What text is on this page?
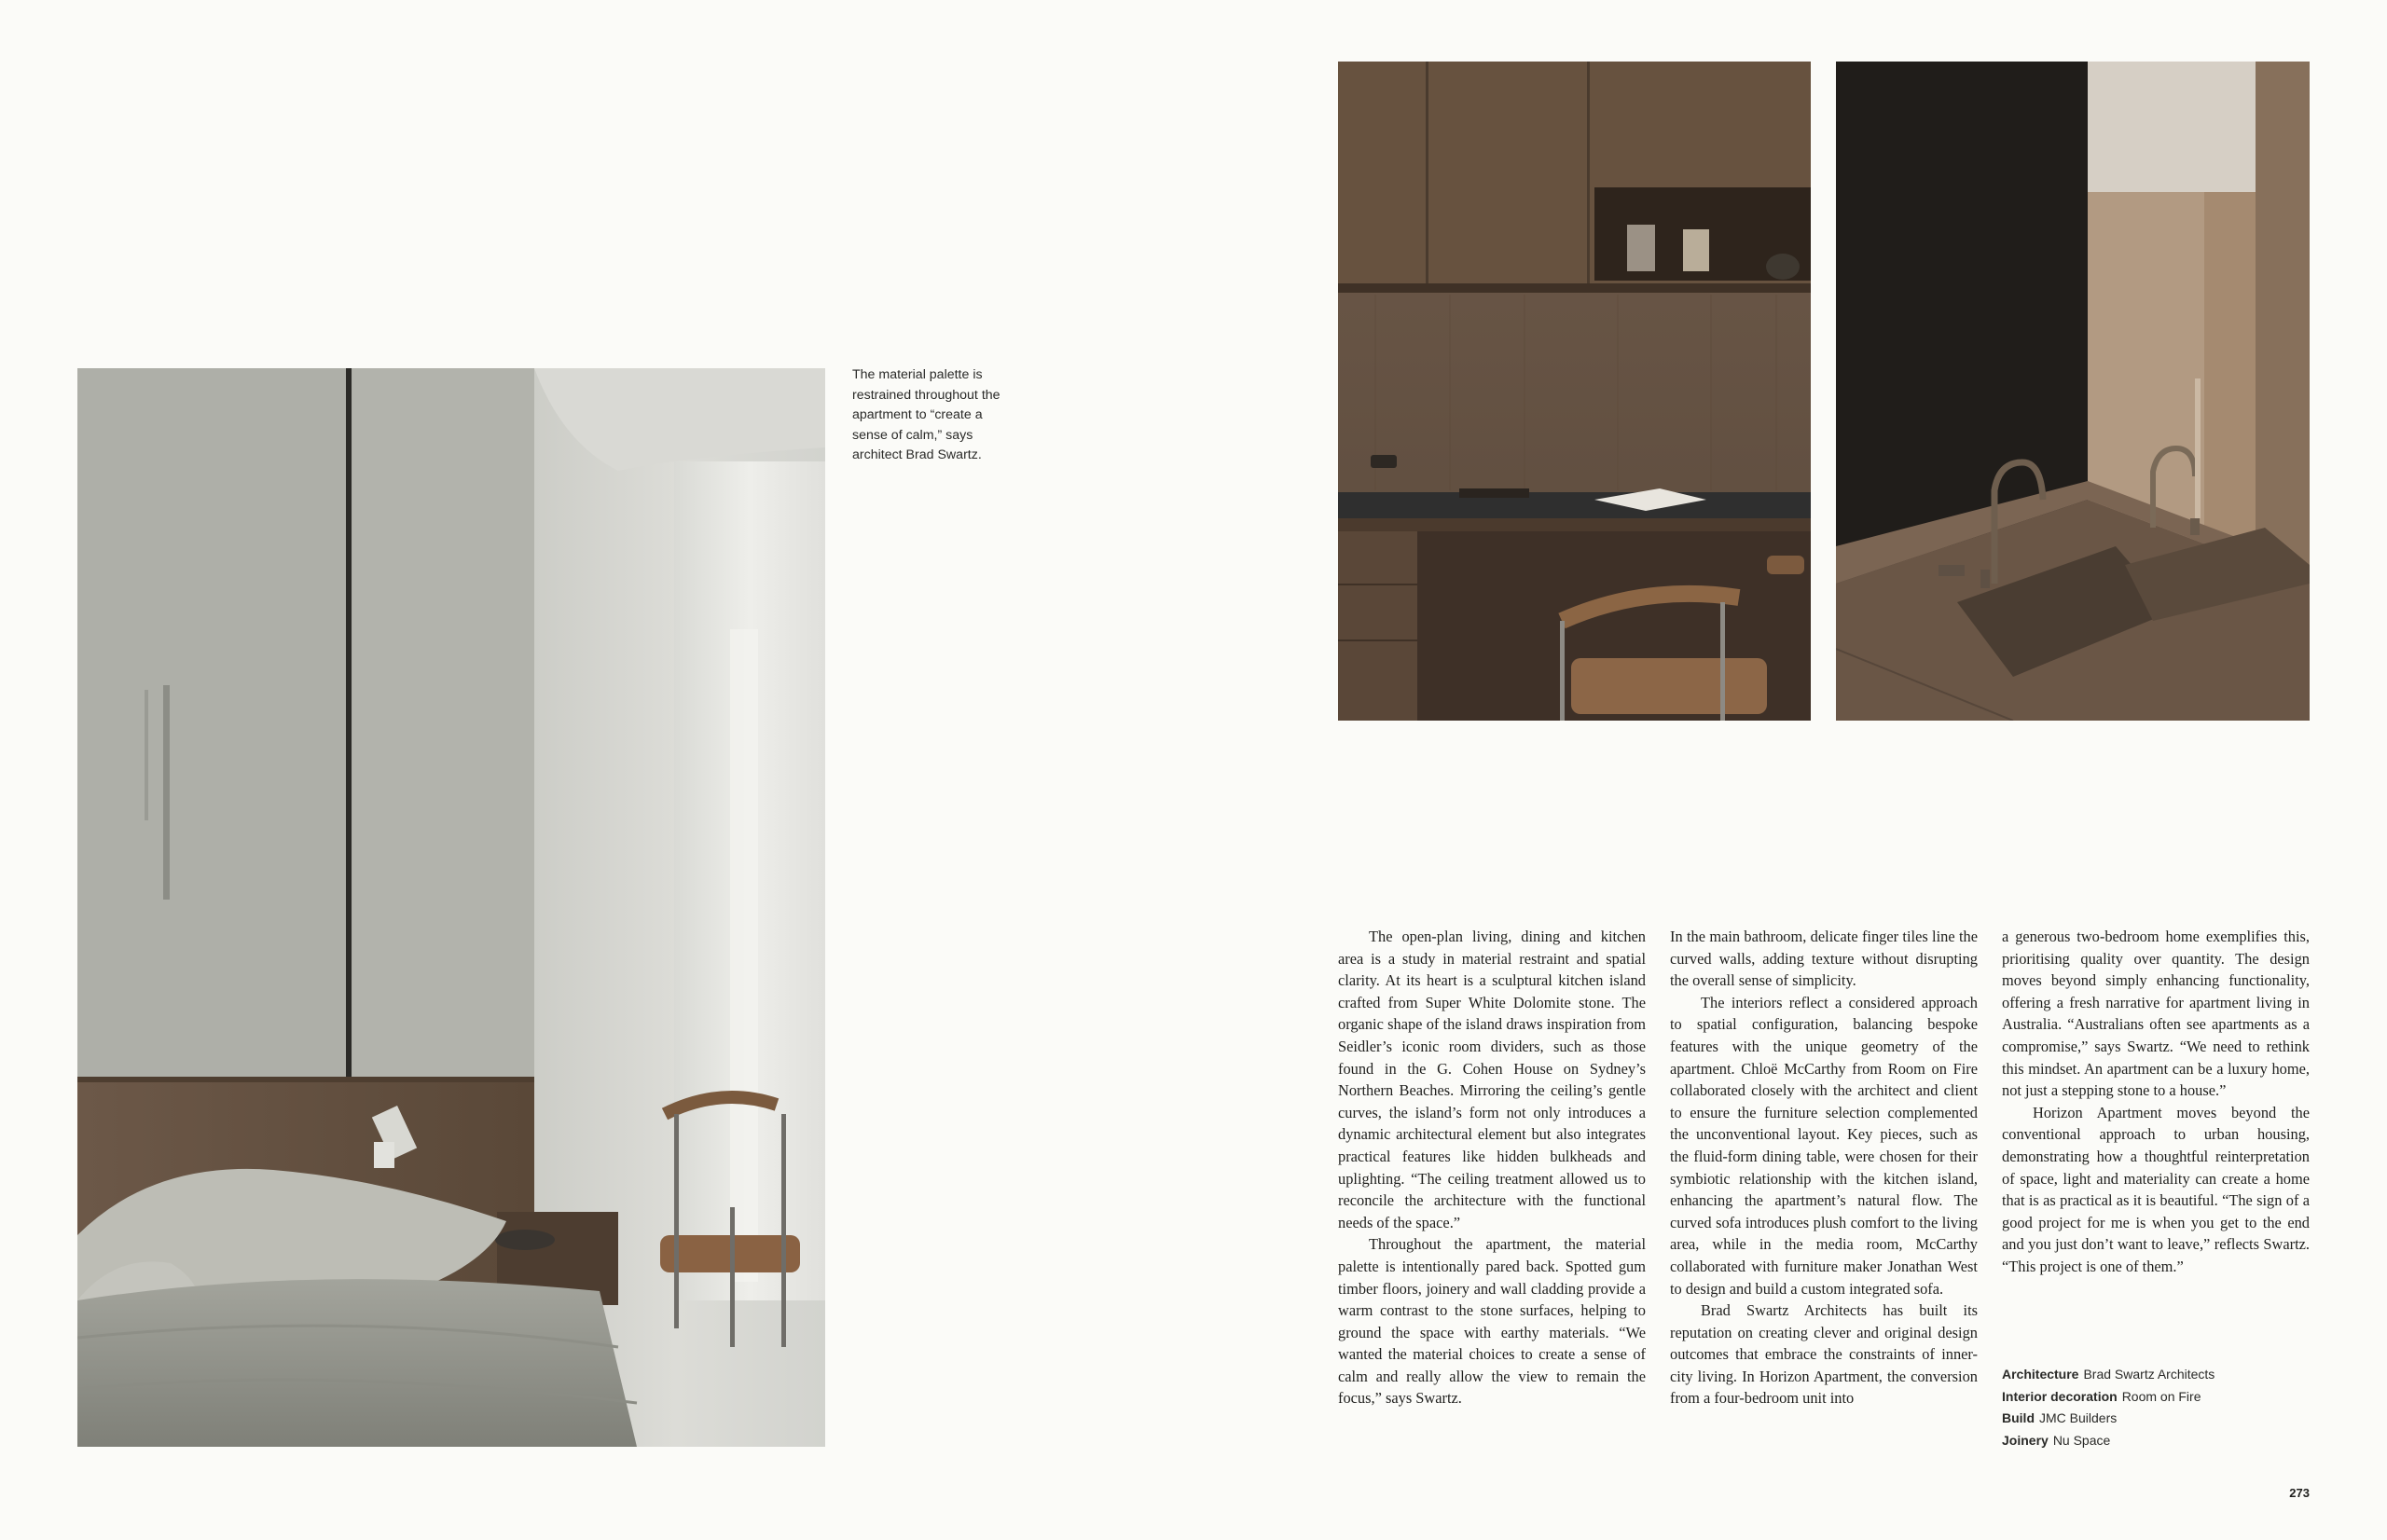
The material palette is restrained throughout the apartment to “create a sense of calm,” says architect Brad Swartz.

The open-plan living, dining and kitchen area is a study in material restraint and spatial clarity. At its heart is a sculptural kitchen island crafted from Super White Dolomite stone. The organic shape of the island draws inspiration from Seidler’s iconic room dividers, such as those found in the G. Cohen House on Sydney’s Northern Beaches. Mirroring the ceiling’s gentle curves, the island’s form not only introduces a dynamic architectural element but also integrates practical features like hidden bulkheads and uplighting. “The ceiling treatment allowed us to reconcile the architecture with the functional needs of the space.”

Throughout the apartment, the material palette is intentionally pared back. Spotted gum timber floors, joinery and wall cladding provide a warm contrast to the stone surfaces, helping to ground the space with earthy materials. “We wanted the material choices to create a sense of calm and really allow the view to remain the focus,” says Swartz.

In the main bathroom, delicate finger tiles line the curved walls, adding texture without disrupting the overall sense of simplicity.

The interiors reflect a considered approach to spatial configuration, balancing bespoke features with the unique geometry of the apartment. Chloë McCarthy from Room on Fire collaborated closely with the architect and client to ensure the furniture selection complemented the unconventional layout. Key pieces, such as the fluid-form dining table, were chosen for their symbiotic relationship with the kitchen island, enhancing the apartment’s natural flow. The curved sofa introduces plush comfort to the living area, while in the media room, McCarthy collaborated with furniture maker Jonathan West to design and build a custom integrated sofa.

Brad Swartz Architects has built its reputation on creating clever and original design outcomes that embrace the constraints of inner-city living. In Horizon Apartment, the conversion from a four-bedroom unit into

a generous two-bedroom home exemplifies this, prioritising quality over quantity. The design moves beyond simply enhancing functionality, offering a fresh narrative for apartment living in Australia. “Australians often see apartments as a compromise,” says Swartz. “We need to rethink this mindset. An apartment can be a luxury home, not just a stepping stone to a house.”

Horizon Apartment moves beyond the conventional approach to urban housing, demonstrating how a thoughtful reinterpretation of space, light and materiality can create a home that is as practical as it is beautiful. “The sign of a good project for me is when you get to the end and you just don’t want to leave,” reflects Swartz. “This project is one of them.”

Architecture Brad Swartz Architects
Interior decoration Room on Fire
Build JMC Builders
Joinery Nu Space
273
